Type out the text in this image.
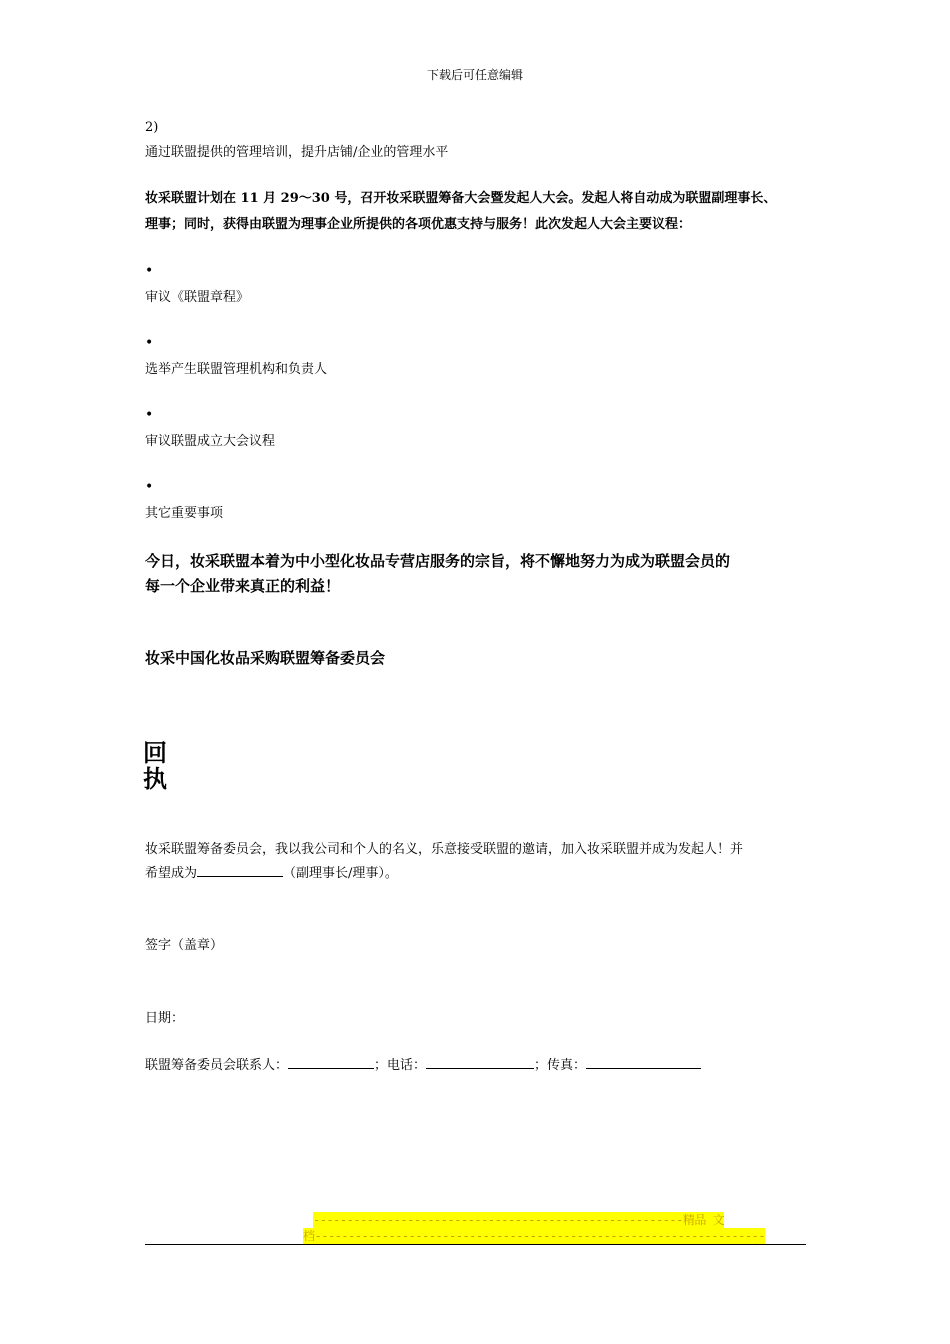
下载后可任意编辑
2)
通过联盟提供的管理培训，提升店铺/企业的管理水平
妆采联盟计划在 11 月 29～30 号，召开妆采联盟筹备大会暨发起人大会。发起人将自动成为联盟副理事长、
理事；同时，获得由联盟为理事企业所提供的各项优惠支持与服务！此次发起人大会主要议程：
•
审议《联盟章程》
•
选举产生联盟管理机构和负责人
•
审议联盟成立大会议程
•
其它重要事项
今日，妆采联盟本着为中小型化妆品专营店服务的宗旨，将不懈地努力为成为联盟会员的
每一个企业带来真正的利益！
妆采中国化妆品采购联盟筹备委员会
回
执
妆采联盟筹备委员会，我以我公司和个人的名义，乐意接受联盟的邀请，加入妆采联盟并成为发起人！并
希望成为	（副理事长/理事）。
签字（盖章）
日期：
联盟筹备委员会联系人：	；电话：	；传真：
-------------------------------------------------------精品 文
档-------------------------------------------------------------------
